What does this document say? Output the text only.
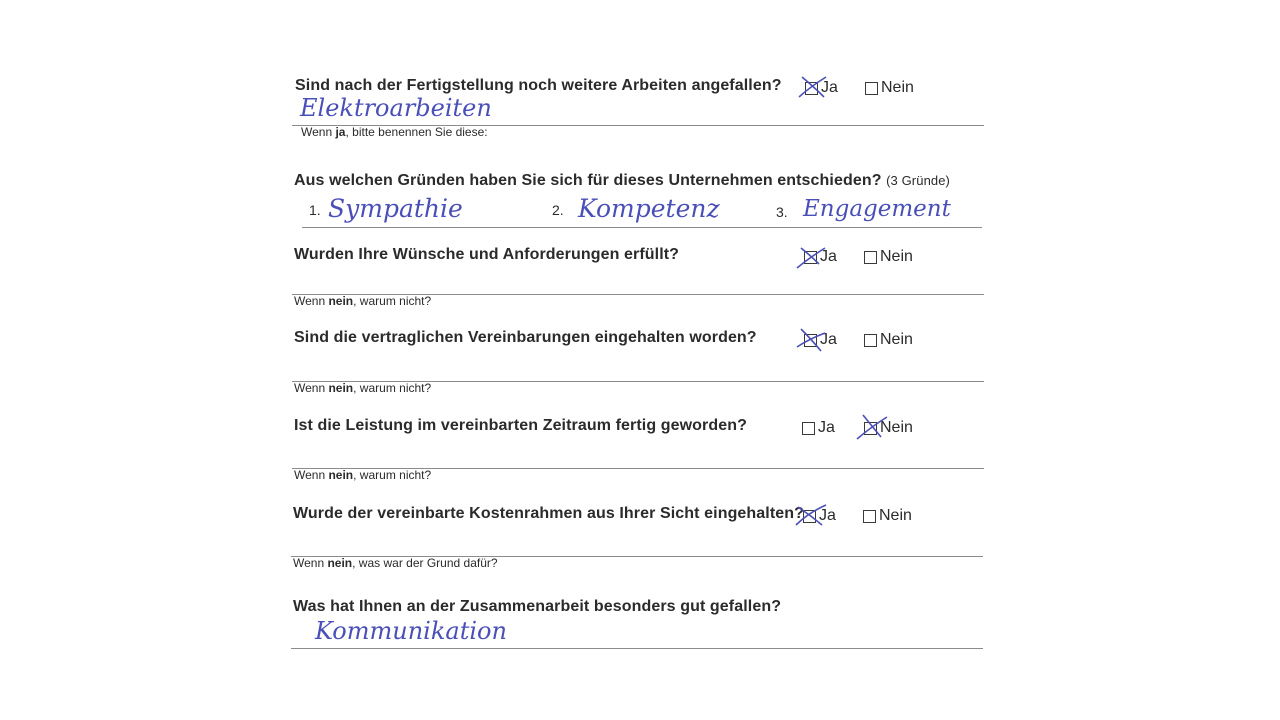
Sind nach der Fertigstellung noch weitere Arbeiten angefallen? Ja	Nein
Elektroarbeiten
Wenn ja, bitte benennen Sie diese:
Aus welchen Gründen haben Sie sich für dieses Unternehmen entschieden? (3 Gründe)
1. Sympathie	2. Kompetenz	3. Engagement
Wurden Ihre Wünsche und Anforderungen erfüllt?	Ja	Nein
Wenn nein, warum nicht?
Sind die vertraglichen Vereinbarungen eingehalten worden?	Ja	Nein
Wenn nein, warum nicht?
Ist die Leistung im vereinbarten Zeitraum fertig geworden?	Ja	Nein
Wenn nein, warum nicht?
Wurde der vereinbarte Kostenrahmen aus Ihrer Sicht eingehalten? Ja	Nein
Wenn nein, was war der Grund dafür?
Was hat Ihnen an der Zusammenarbeit besonders gut gefallen?
Kommunikation
